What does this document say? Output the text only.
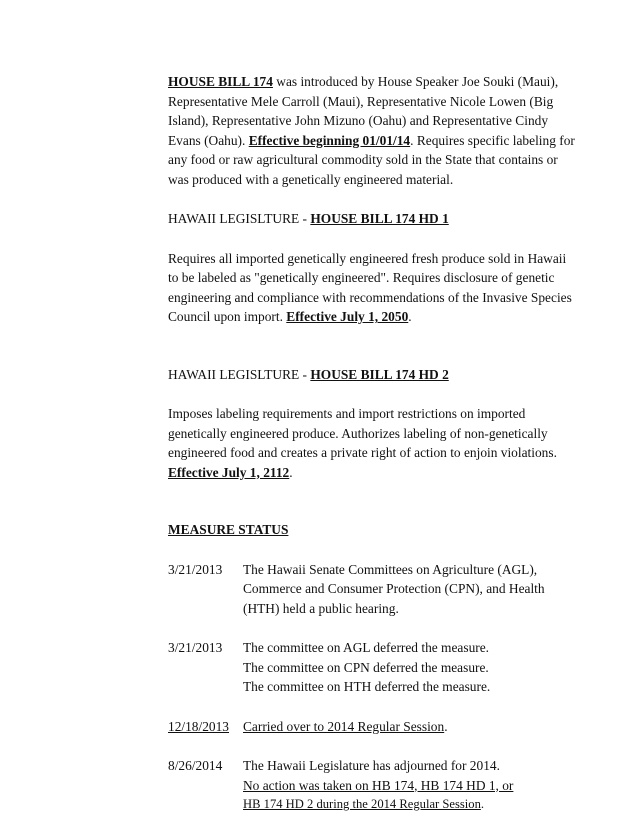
HOUSE BILL 174 was introduced by House Speaker Joe Souki (Maui), Representative Mele Carroll (Maui), Representative Nicole Lowen (Big Island), Representative John Mizuno (Oahu) and Representative Cindy Evans (Oahu). Effective beginning 01/01/14. Requires specific labeling for any food or raw agricultural commodity sold in the State that contains or was produced with a genetically engineered material.

HAWAII LEGISLTURE - HOUSE BILL 174 HD 1

Requires all imported genetically engineered fresh produce sold in Hawaii to be labeled as "genetically engineered". Requires disclosure of genetic engineering and compliance with recommendations of the Invasive Species Council upon import. Effective July 1, 2050.

HAWAII LEGISLTURE - HOUSE BILL 174 HD 2

Imposes labeling requirements and import restrictions on imported genetically engineered produce. Authorizes labeling of non-genetically engineered food and creates a private right of action to enjoin violations. Effective July 1, 2112.

MEASURE STATUS

3/21/2013	The Hawaii Senate Committees on Agriculture (AGL), Commerce and Consumer Protection (CPN), and Health (HTH) held a public hearing.
3/21/2013	The committee on AGL deferred the measure.
The committee on CPN deferred the measure.
The committee on HTH deferred the measure.
12/18/2013	Carried over to 2014 Regular Session.
8/26/2014	The Hawaii Legislature has adjourned for 2014.
No action was taken on HB 174, HB 174 HD 1, or
HB 174 HD 2 during the 2014 Regular Session.
